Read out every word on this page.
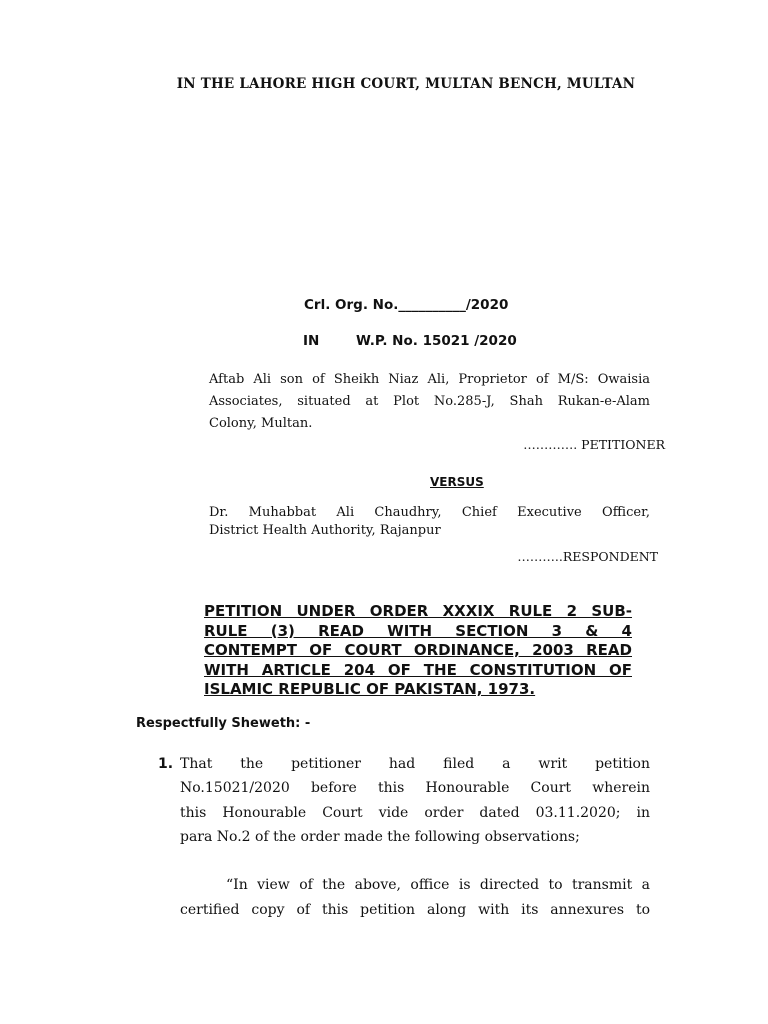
IN THE LAHORE HIGH COURT, MULTAN BENCH, MULTAN
Crl. Org. No.__________/2020
IN	W.P. No. 15021 /2020
Aftab Ali son of Sheikh Niaz Ali, Proprietor of M/S: Owaisia
Associates, situated at Plot No.285-J, Shah Rukan-e-Alam
Colony, Multan.
…………. PETITIONER
VERSUS
Dr. Muhabbat Ali Chaudhry, Chief Executive Officer,
District Health Authority, Rajanpur
………..RESPONDENT
PETITION UNDER ORDER XXXIX RULE 2 SUB-
RULE (3) READ WITH SECTION 3 & 4
CONTEMPT OF COURT ORDINANCE, 2003 READ
WITH ARTICLE 204 OF THE CONSTITUTION OF
ISLAMIC REPUBLIC OF PAKISTAN, 1973.
Respectfully Sheweth: -
1. That the petitioner had filed a writ petition
No.15021/2020 before this Honourable Court wherein
this Honourable Court vide order dated 03.11.2020; in
para No.2 of the order made the following observations;
“In view of the above, office is directed to transmit a
certified copy of this petition along with its annexures to
